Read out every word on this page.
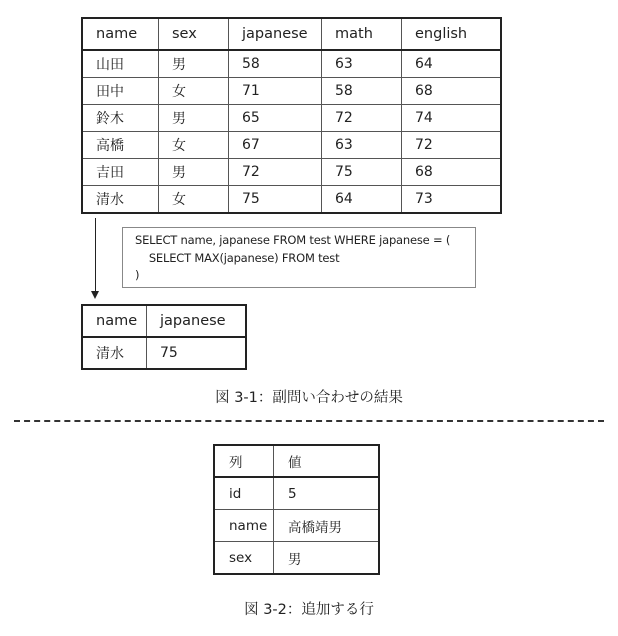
name	sex	japanese	math	english
山田	男	58	63	64
田中	女	71	58	68
鈴木	男	65	72	74
高橋	女	67	63	72
吉田	男	72	75	68
清水	女	75	64	73
SELECT name, japanese FROM test WHERE japanese = (
SELECT MAX(japanese) FROM test
)
name	japanese
清水	75
図 3-1：副問い合わせの結果
列	値
id	5
name	高橋靖男
sex	男
図 3-2：追加する行
